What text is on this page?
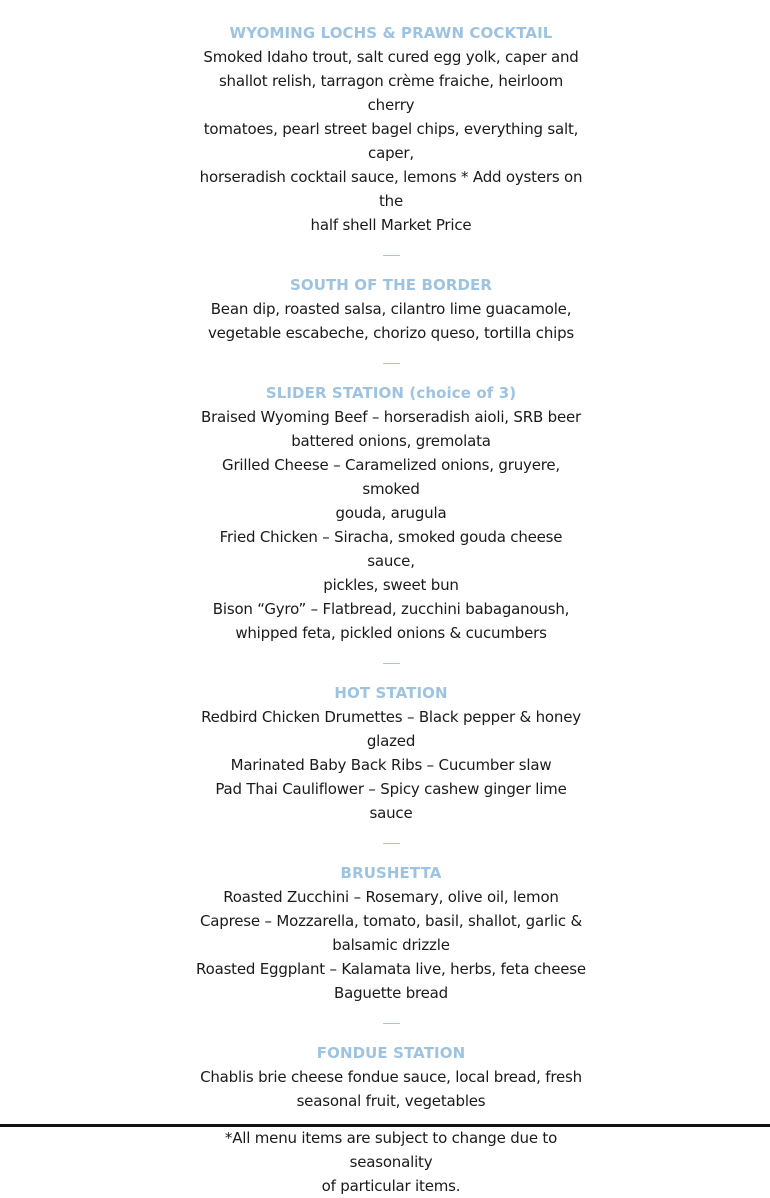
WYOMING LOCHS & PRAWN COCKTAIL
Smoked Idaho trout, salt cured egg yolk, caper and
shallot relish, tarragon crème fraiche, heirloom cherry
tomatoes, pearl street bagel chips, everything salt, caper,
horseradish cocktail sauce, lemons * Add oysters on the
half shell Market Price
-----
SOUTH OF THE BORDER
Bean dip, roasted salsa, cilantro lime guacamole,
vegetable escabeche, chorizo queso, tortilla chips
-----
SLIDER STATION (choice of 3)
Braised Wyoming Beef – horseradish aioli, SRB beer
battered onions, gremolata
Grilled Cheese – Caramelized onions, gruyere, smoked
gouda, arugula
Fried Chicken – Siracha, smoked gouda cheese sauce,
pickles, sweet bun
Bison “Gyro” – Flatbread, zucchini babaganoush,
whipped feta, pickled onions & cucumbers
-----
HOT STATION
Redbird Chicken Drumettes – Black pepper & honey
glazed
Marinated Baby Back Ribs – Cucumber slaw
Pad Thai Cauliflower – Spicy cashew ginger lime sauce
-----
BRUSHETTA
Roasted Zucchini – Rosemary, olive oil, lemon
Caprese – Mozzarella, tomato, basil, shallot, garlic &
balsamic drizzle
Roasted Eggplant – Kalamata live, herbs, feta cheese
Baguette bread
-----
FONDUE STATION
Chablis brie cheese fondue sauce, local bread, fresh
seasonal fruit, vegetables
*All menu items are subject to change due to seasonality
of particular items.
